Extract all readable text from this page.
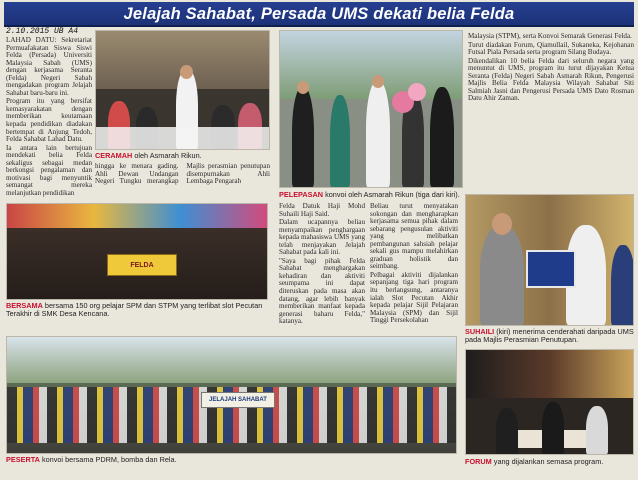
Jelajah Sahabat, Persada UMS dekati belia Felda
2.10.2015 UB A4

LAHAD DATU: Sekretariat Permuafakatan Siswa Siswi Felda (Persada) Universiti Malaysia Sabah (UMS) dengan kerjasama Seranta (Felda) Negeri Sabah mengadakan program Jelajah Sahabat baru-baru ini.

Program itu yang bersifat kemasyarakatan dengan memberikan keutamaan kepada pendidikan diadakan bertempat di Anjung Tedoh, Felda Sahabat Lahad Datu.

Ia antara lain bertujuan mendekati belia Felda sekaligus sebagai medan berkongsi pengalaman dan motivasi bagi menyuntik semangat mereka melanjutkan pendidikan

CERAMAH oleh Asmarah Rikun.

hingga ke menara gading. Ahli Dewan Undangan Negeri Tungku merangkap Majlis perasmian penutupan disempurnakan Ahli Lembaga Pengarah

PELEPASAN konvoi oleh Asmarah Rikun (tiga dari kiri).

Malaysia (STPM), serta Konvoi Semarak Generasi Felda.

Turut diadakan Forum, Qiamullail, Sukaneka, Kejohanan Futsal Piala Persada serta program Silang Budaya.

Dikendalikan 10 belia Felda dari seluruh negara yang menuntut di UMS, program itu turut dijayakan Ketua Seranta (Felda) Negeri Sabah Asmarah Rikun, Pengerusi Majlis Belia Felda Malaysia Wilayah Sahabat Siti Salmiah Jasni dan Pengerusi Persada UMS Dato Rosman Datu Ahir Zaman.

FELDA
BERSAMA bersama 150 org pelajar SPM dan STPM yang terlibat slot Pecutan Terakhir di SMK Desa Kencana.

Felda Datuk Haji Mohd Suhaili Haji Said.

Dalam ucapannya beliau menyampaikan penghargaan kepada mahasiswa UMS yang telah menjayakan Jelajah Sahabat pada kali ini.

"Saya bagi pihak Felda Sahabat menghargakan kehadiran dan aktiviti seumpama ini dapat diteruskan pada masa akan datang, agar lebih banyak memberikan manfaat kepada generasi baharu Felda," katanya.

Beliau turut menyatakan sokongan dan mengharapkan kerjasama semua pihak dalam sebarang pengusulan aktiviti yang melibatkan pembangunan sahsiah pelajar sekali gus mampu melahirkan graduan holistik dan seimbang.

Pelbagai aktiviti dijalankan sepanjang tiga hari program itu berlangsung, antaranya ialah Slot Pecutan Akhir kepada pelajar Sijil Pelajaran Malaysia (SPM) dan Sijil Tinggi Persekolahan

SUHAILI (kiri) menerima cenderahati daripada UMS pada Majlis Perasmian Penutupan.
JELAJAH SAHABAT
PESERTA konvoi bersama PDRM, bomba dan Rela.	FORUM yang dijalankan semasa program.
